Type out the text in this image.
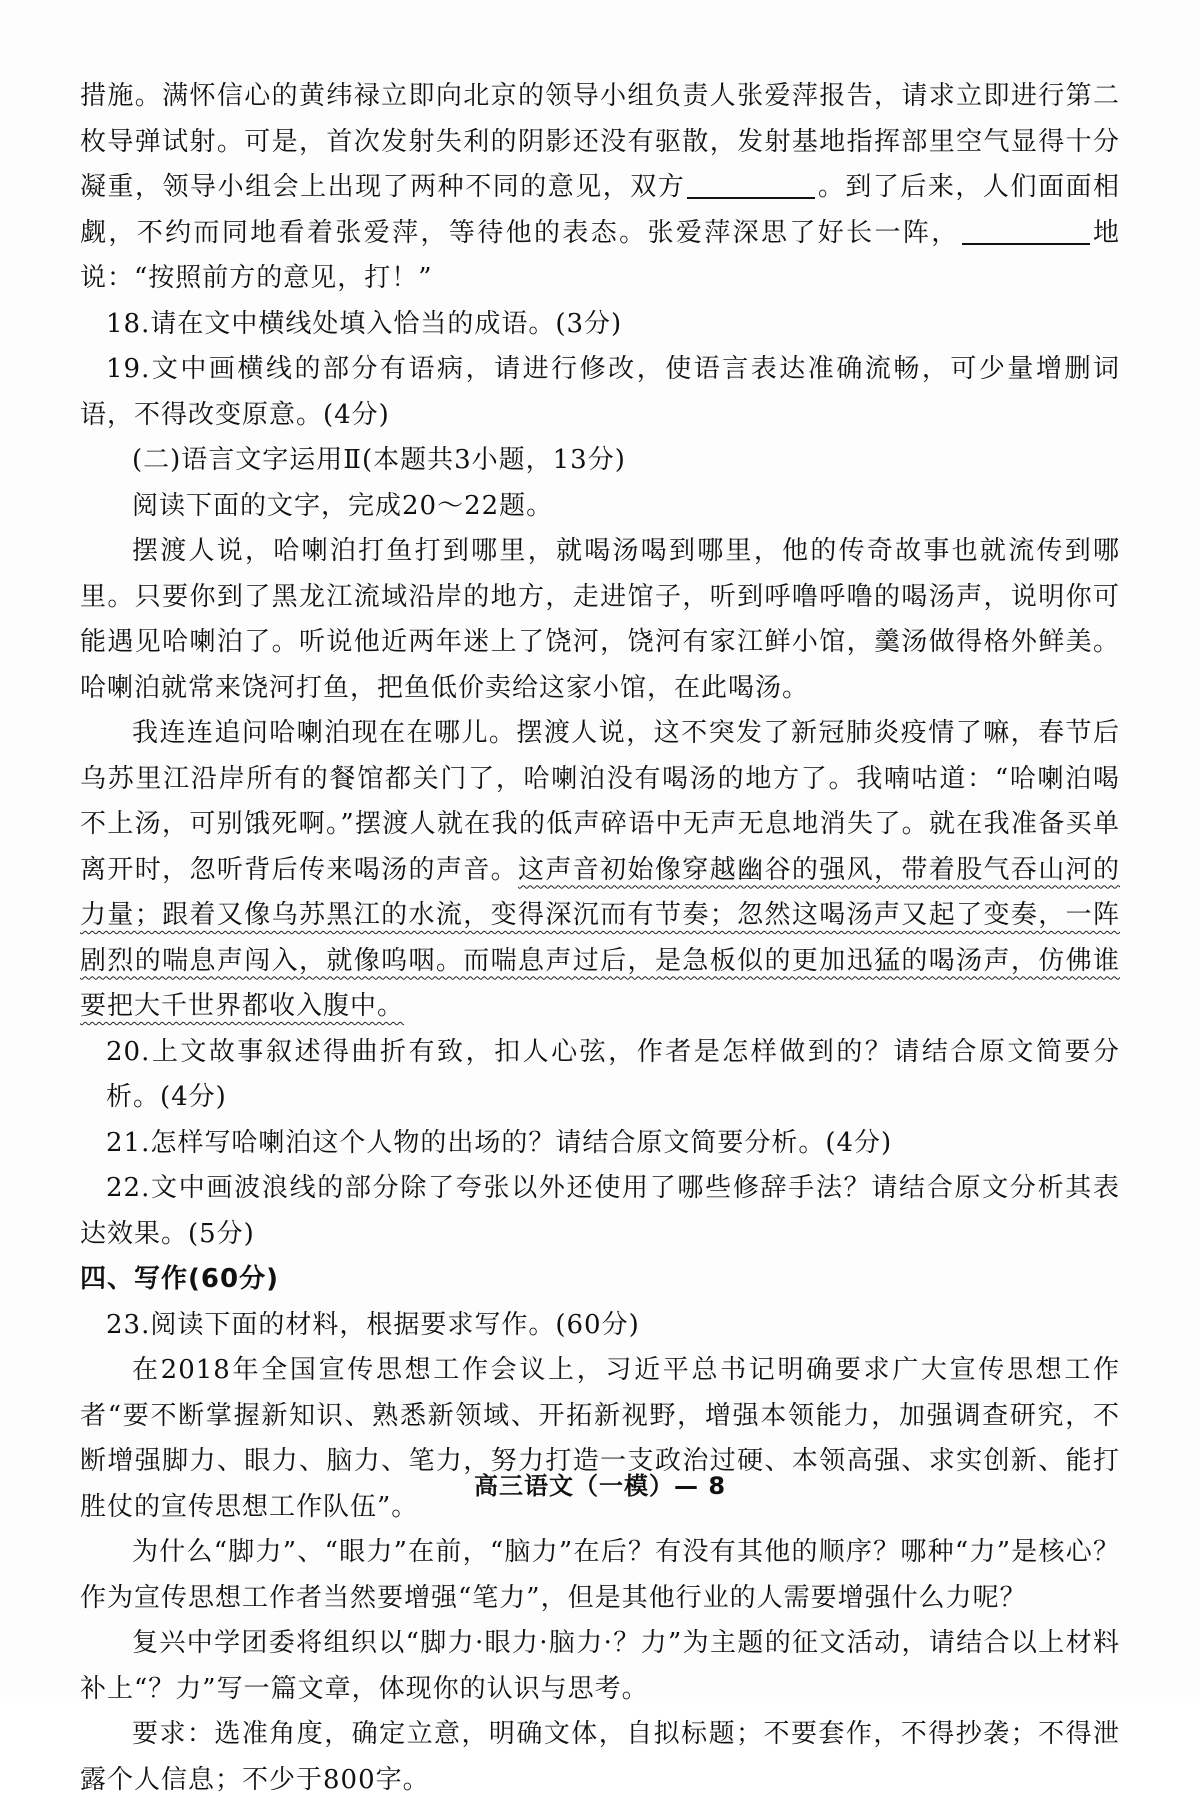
措施。满怀信心的黄纬禄立即向北京的领导小组负责人张爱萍报告，请求立即进行第二枚导弹试射。可是，首次发射失利的阴影还没有驱散，发射基地指挥部里空气显得十分凝重，领导小组会上出现了两种不同的意见，双方	。到了后来，人们面面相觑，不约而同地看着张爱萍，等待他的表态。张爱萍深思了好长一阵，	地说：“按照前方的意见，打！”

18.请在文中横线处填入恰当的成语。(3分)

19.文中画横线的部分有语病，请进行修改，使语言表达准确流畅，可少量增删词语，不得改变原意。(4分)

(二)语言文字运用Ⅱ(本题共3小题，13分)

阅读下面的文字，完成20～22题。

摆渡人说，哈喇泊打鱼打到哪里，就喝汤喝到哪里，他的传奇故事也就流传到哪里。只要你到了黑龙江流域沿岸的地方，走进馆子，听到呼噜呼噜的喝汤声，说明你可能遇见哈喇泊了。听说他近两年迷上了饶河，饶河有家江鲜小馆，羹汤做得格外鲜美。哈喇泊就常来饶河打鱼，把鱼低价卖给这家小馆，在此喝汤。

我连连追问哈喇泊现在在哪儿。摆渡人说，这不突发了新冠肺炎疫情了嘛，春节后乌苏里江沿岸所有的餐馆都关门了，哈喇泊没有喝汤的地方了。我喃咕道：“哈喇泊喝不上汤，可别饿死啊。”摆渡人就在我的低声碎语中无声无息地消失了。就在我准备买单离开时，忽听背后传来喝汤的声音。这声音初始像穿越幽谷的强风，带着股气吞山河的力量；跟着又像乌苏黑江的水流，变得深沉而有节奏；忽然这喝汤声又起了变奏，一阵剧烈的喘息声闯入，就像呜咽。而喘息声过后，是急板似的更加迅猛的喝汤声，仿佛谁要把大千世界都收入腹中。

20.上文故事叙述得曲折有致，扣人心弦，作者是怎样做到的？请结合原文简要分析。(4分)

21.怎样写哈喇泊这个人物的出场的？请结合原文简要分析。(4分)

22.文中画波浪线的部分除了夸张以外还使用了哪些修辞手法？请结合原文分析其表达效果。(5分)

四、写作(60分)

23.阅读下面的材料，根据要求写作。(60分)

在2018年全国宣传思想工作会议上，习近平总书记明确要求广大宣传思想工作者“要不断掌握新知识、熟悉新领域、开拓新视野，增强本领能力，加强调查研究，不断增强脚力、眼力、脑力、笔力，努力打造一支政治过硬、本领高强、求实创新、能打胜仗的宣传思想工作队伍”。

为什么“脚力”、“眼力”在前，“脑力”在后？有没有其他的顺序？哪种“力”是核心？作为宣传思想工作者当然要增强“笔力”，但是其他行业的人需要增强什么力呢？

复兴中学团委将组织以“脚力·眼力·脑力·？力”为主题的征文活动，请结合以上材料补上“？力”写一篇文章，体现你的认识与思考。

要求：选准角度，确定立意，明确文体，自拟标题；不要套作，不得抄袭；不得泄露个人信息；不少于800字。

高三语文（一模）— 8
